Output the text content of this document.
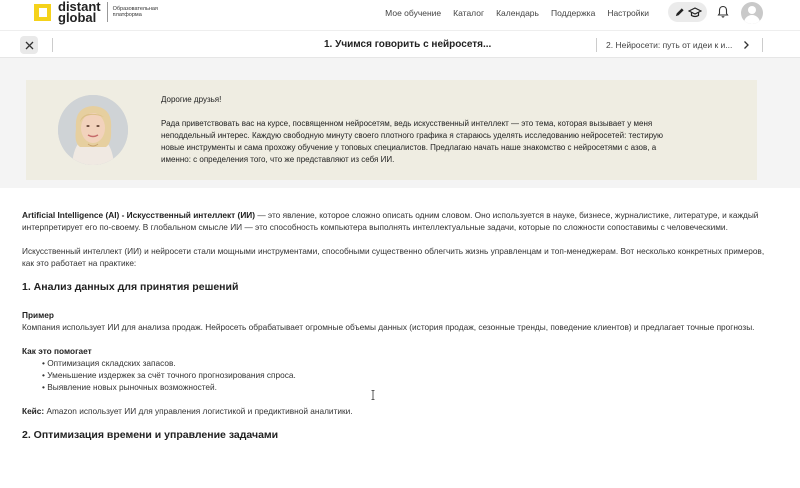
distant
global
Образовательная платформа	Мое обучение Каталог Календарь Поддержка Настройки
1. Учимся говорить с нейросетя...	2. Нейросети: путь от идеи к и...

Дорогие друзья!

Рада приветствовать вас на курсе, посвященном нейросетям, ведь искусственный интеллект — это тема, которая вызывает у меня неподдельный интерес. Каждую свободную минуту своего плотного графика я стараюсь уделять исследованию нейросетей: тестирую новые инструменты и сама прохожу обучение у топовых специалистов. Предлагаю начать наше знакомство с нейросетями с азов, а именно: с определения того, что же представляют из себя ИИ.

Artificial Intelligence (AI) - Искусственный интеллект (ИИ) — это явление, которое сложно описать одним словом. Оно используется в науке, бизнесе, журналистике, литературе, и каждый интерпретирует его по-своему. В глобальном смысле ИИ — это способность компьютера выполнять интеллектуальные задачи, которые по сложности сопоставимы с человеческими.

Искусственный интеллект (ИИ) и нейросети стали мощными инструментами, способными существенно облегчить жизнь управленцам и топ-менеджерам. Вот несколько конкретных примеров, как это работает на практике:

1. Анализ данных для принятия решений
Пример

Компания использует ИИ для анализа продаж. Нейросеть обрабатывает огромные объемы данных (история продаж, сезонные тренды, поведение клиентов) и предлагает точные прогнозы.

Как это помогает
• Оптимизация складских запасов.
• Уменьшение издержек за счёт точного прогнозирования спроса.
• Выявление новых рыночных возможностей.

Кейс: Amazon использует ИИ для управления логистикой и предиктивной аналитики.

2. Оптимизация времени и управление задачами
